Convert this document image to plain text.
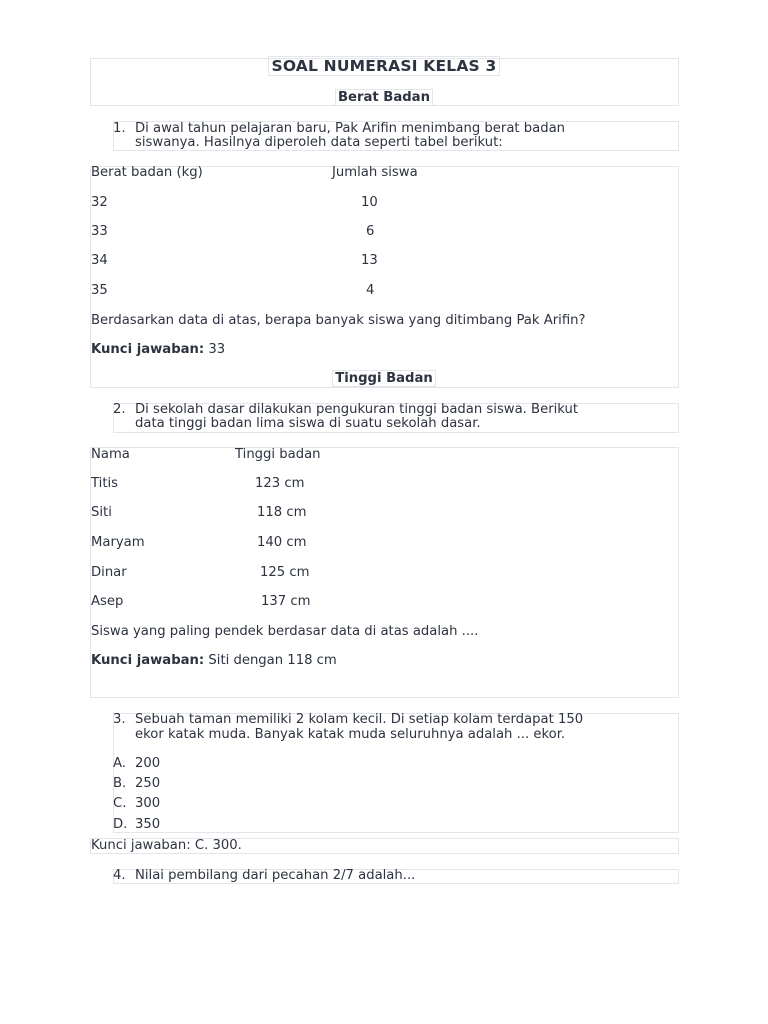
SOAL NUMERASI KELAS 3
Berat Badan
1. Di awal tahun pelajaran baru, Pak Arifin menimbang berat badan
siswanya. Hasilnya diperoleh data seperti tabel berikut:
Berat badan (kg)	Jumlah siswa
32	10
33	6
34	13
35	4
Berdasarkan data di atas, berapa banyak siswa yang ditimbang Pak Arifin?
Kunci jawaban: 33
Tinggi Badan
2. Di sekolah dasar dilakukan pengukuran tinggi badan siswa. Berikut
data tinggi badan lima siswa di suatu sekolah dasar.
Nama	Tinggi badan
Titis	123 cm
Siti	118 cm
Maryam	140 cm
Dinar	125 cm
Asep	137 cm
Siswa yang paling pendek berdasar data di atas adalah ....
Kunci jawaban: Siti dengan 118 cm
3. Sebuah taman memiliki 2 kolam kecil. Di setiap kolam terdapat 150
ekor katak muda. Banyak katak muda seluruhnya adalah ... ekor.
A. 200
B. 250
C. 300
D. 350
Kunci jawaban: C. 300.
4. Nilai pembilang dari pecahan 2/7 adalah...
